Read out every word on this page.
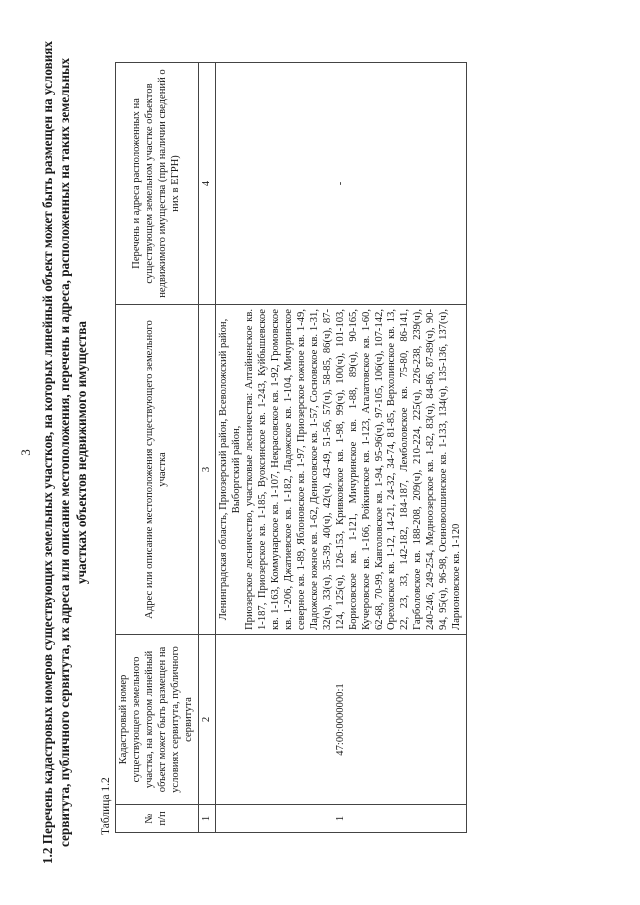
3 1.2 Перечень кадастровых номеров существующих земельных участков, на которых линейный объект может быть размещен на условиях сервитута, публичного сервитута, их адреса или описание местоположения, перечень и адреса, расположенных на таких земельных участках объектов недвижимого имущества
Таблица 1.2	№ п/п	Кадастровый номер существующего земельного участка, на котором линейный объект может быть размещен на условиях сервитута, публичного сервитута	Адрес или описание местоположения существующего земельного участка	Перечень и адреса расположенных на существующем земельном участке объектов недвижимого имущества (при наличии сведений о них в ЕГРН)
1	2	3	4
1	47:00:0000000:1	Ленинградская область, Приозерский район, Всеволожский район, Выборгский район, Приозерское лесничество, участковые лесничества: Алтайненское кв. 1-187, Приозерское кв. 1-185, Вуоксинское кв. 1-243, Куйбышевское кв. 1-163, Коммунарское кв. 1-107, Некрасовское кв. 1-92, Громовское кв. 1-206, Джатиевское кв. 1-182, Ладожское кв. 1-104, Мичуринское северное кв. 1-89, Яблоновское кв. 1-97, Приозерское южное кв. 1-49, Ладожское южное кв. 1-62, Денисовское кв. 1-57, Сосновское кв. 1-31, 32(ч), 33(ч), 35-39, 40(ч), 42(ч), 43-49, 51-56, 57(ч), 58-85, 86(ч), 87-124, 125(ч), 126-153, Кривковское кв. 1-98, 99(ч), 100(ч), 101-103, Борисовское кв. 1-121, Мичуринское кв. 1-88, 89(ч), 90-165, Кучеровское кв. 1-166, Ройкинское кв. 1-123, Агалатовское кв. 1-60, 62-68, 70-99, Кавголовское кв. 1-94, 95-96(ч), 97-105, 106(ч), 107-142, Ореховское кв. 1-12, 14-21, 24-32, 34-74, 81-85, Верхолинское кв. 13, 22, 23, 33, 142-182, 184-187, Лемболовское кв. 75-80, 86-141, Гарболовское кв. 188-208, 209(ч), 210-224, 225(ч), 226-238, 239(ч), 240-246, 249-254, Медноозерское кв. 1-82, 83(ч), 84-86, 87-89(ч), 90-94, 95(ч), 96-98, Осиновоошинское кв. 1-133, 134(ч), 135-136, 137(ч), Ларионовское кв. 1-120	-
